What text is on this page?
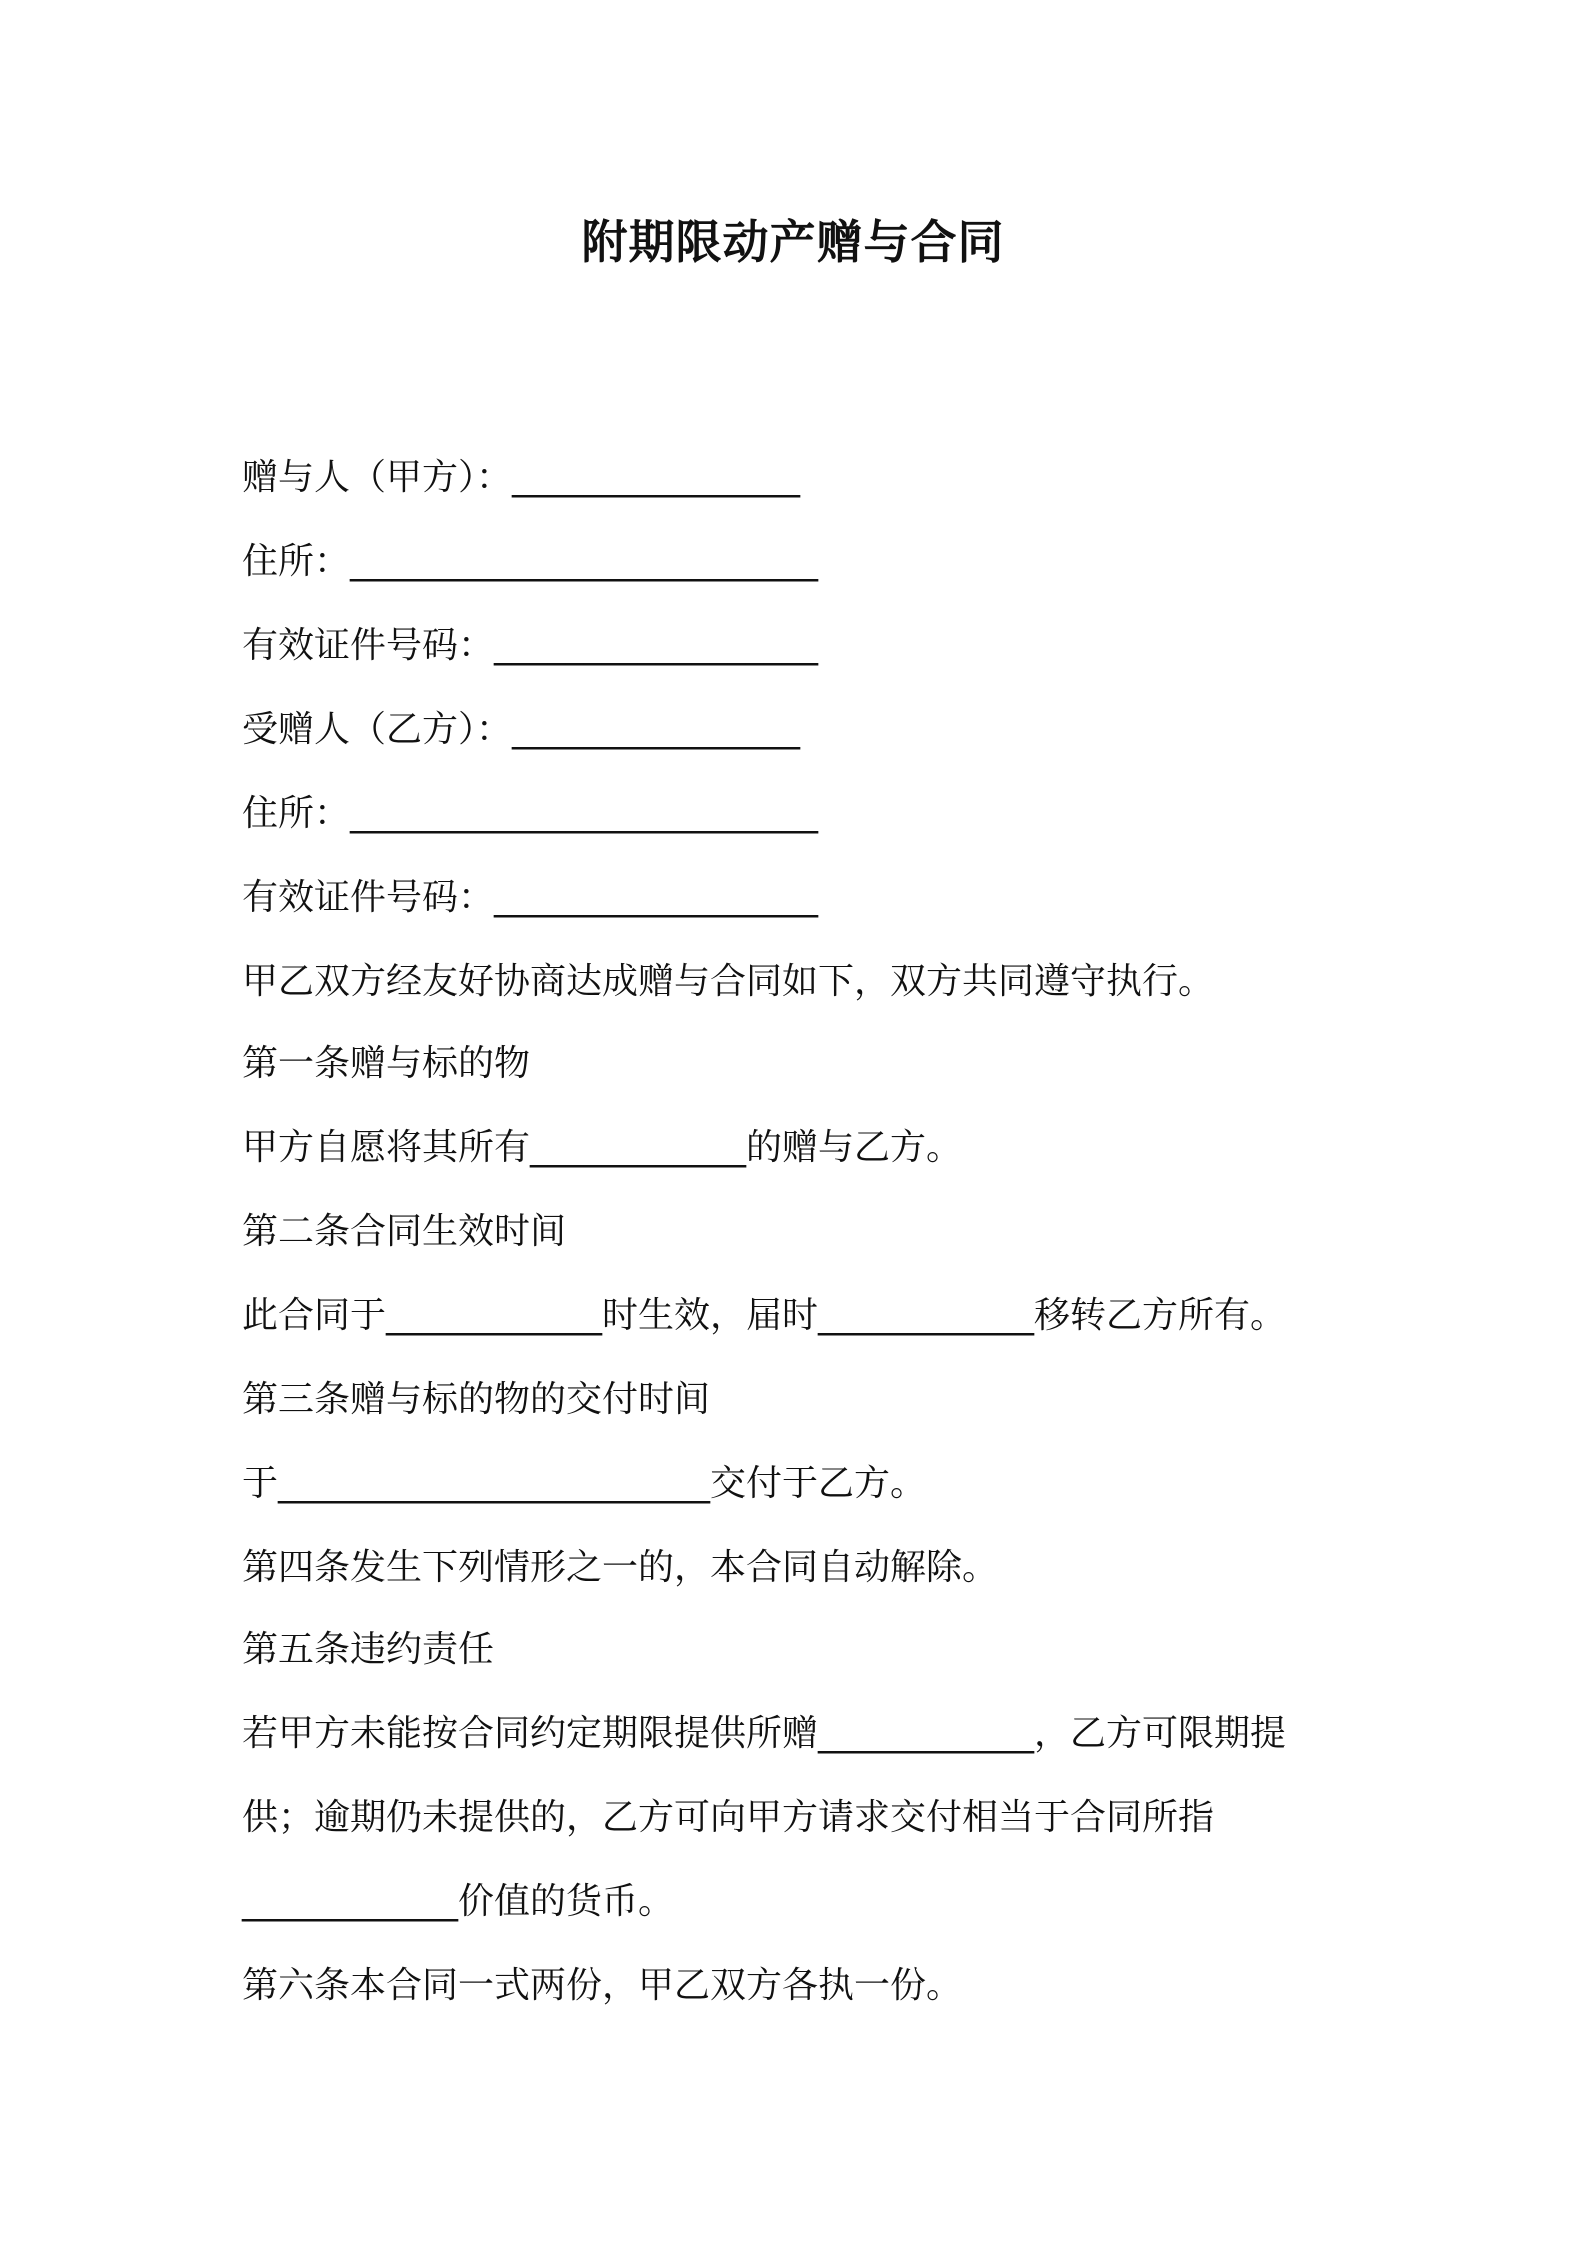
附期限动产赠与合同
赠与人（甲方）：________________
住所：__________________________
有效证件号码：__________________
受赠人（乙方）：________________
住所：__________________________
有效证件号码：__________________
甲乙双方经友好协商达成赠与合同如下，双方共同遵守执行。
第一条赠与标的物
甲方自愿将其所有____________的赠与乙方。
第二条合同生效时间
此合同于____________时生效，届时____________移转乙方所有。
第三条赠与标的物的交付时间
于________________________交付于乙方。
第四条发生下列情形之一的，本合同自动解除。
第五条违约责任
若甲方未能按合同约定期限提供所赠____________，乙方可限期提
供；逾期仍未提供的，乙方可向甲方请求交付相当于合同所指
____________价值的货币。
第六条本合同一式两份，甲乙双方各执一份。
